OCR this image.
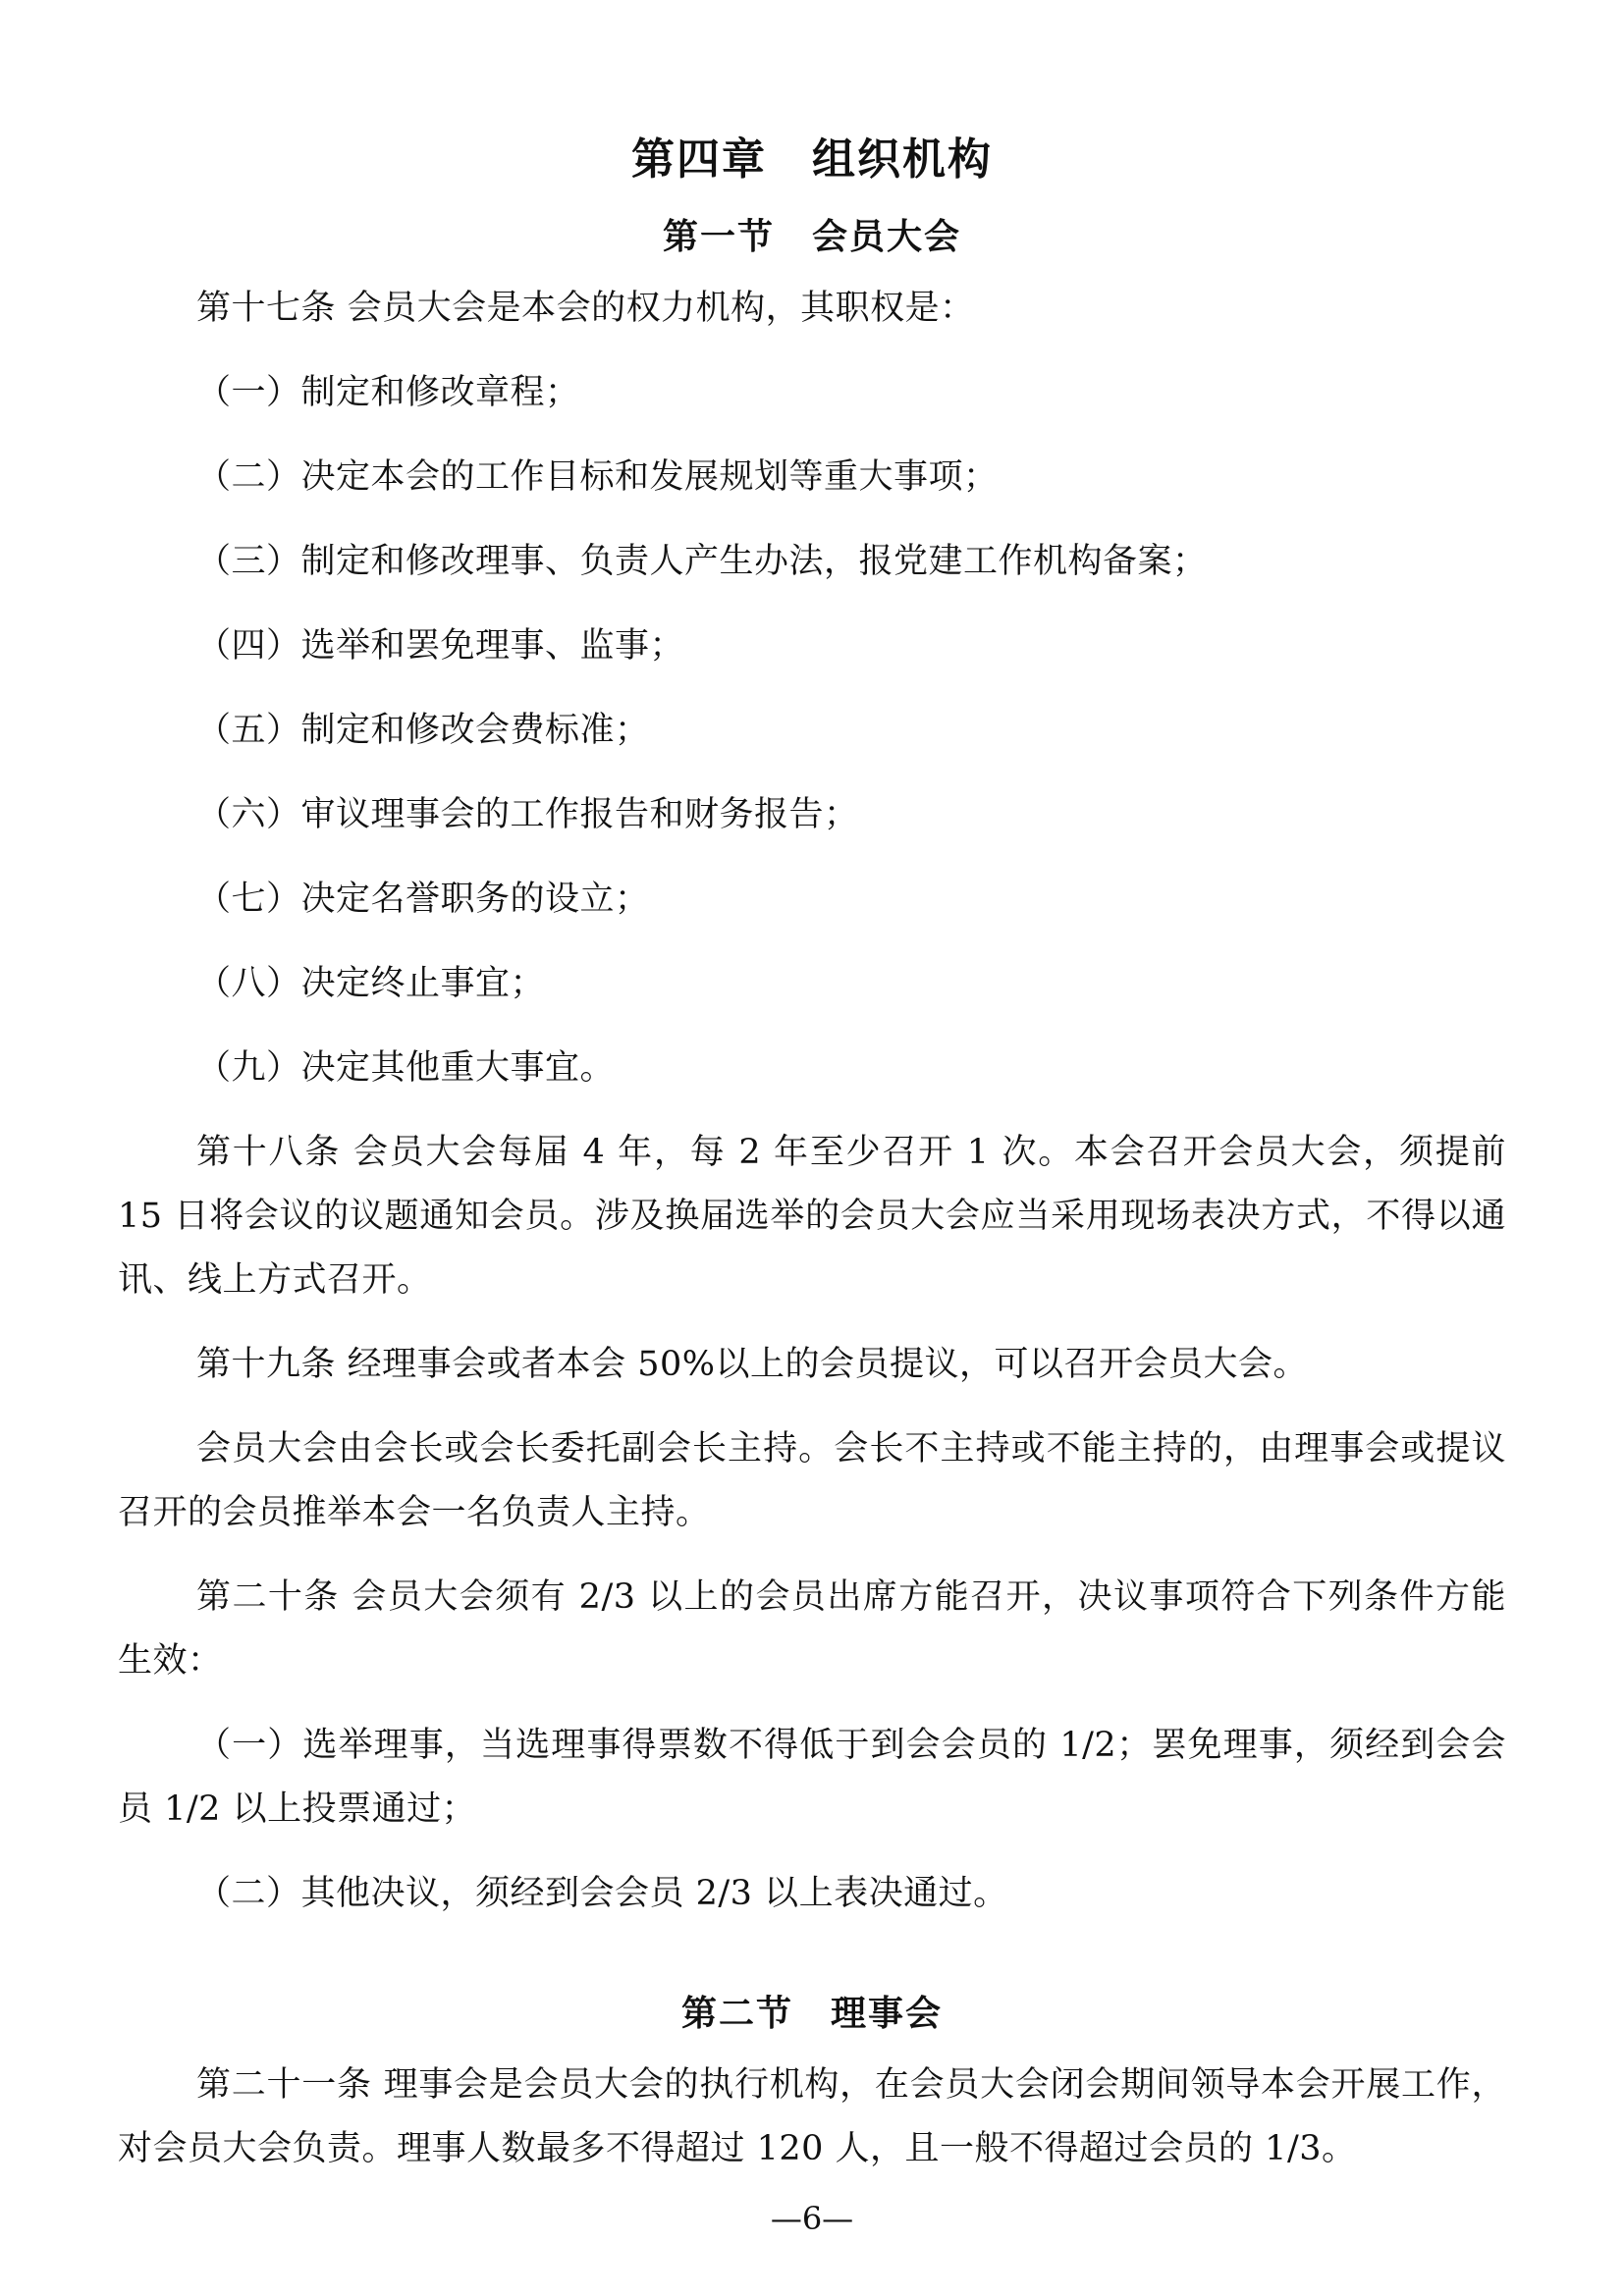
第四章　组织机构
第一节　会员大会

第十七条 会员大会是本会的权力机构，其职权是：

（一）制定和修改章程；

（二）决定本会的工作目标和发展规划等重大事项；

（三）制定和修改理事、负责人产生办法，报党建工作机构备案；

（四）选举和罢免理事、监事；

（五）制定和修改会费标准；

（六）审议理事会的工作报告和财务报告；

（七）决定名誉职务的设立；

（八）决定终止事宜；

（九）决定其他重大事宜。

第十八条 会员大会每届 4 年，每 2 年至少召开 1 次。本会召开会员大会，须提前 15 日将会议的议题通知会员。涉及换届选举的会员大会应当采用现场表决方式，不得以通讯、线上方式召开。

第十九条 经理事会或者本会 50%以上的会员提议，可以召开会员大会。

会员大会由会长或会长委托副会长主持。会长不主持或不能主持的，由理事会或提议召开的会员推举本会一名负责人主持。

第二十条 会员大会须有 2/3 以上的会员出席方能召开，决议事项符合下列条件方能生效：

（一）选举理事，当选理事得票数不得低于到会会员的 1/2；罢免理事，须经到会会员 1/2 以上投票通过；

（二）其他决议，须经到会会员 2/3 以上表决通过。

第二节　理事会

第二十一条 理事会是会员大会的执行机构，在会员大会闭会期间领导本会开展工作，对会员大会负责。理事人数最多不得超过 120 人，且一般不得超过会员的 1/3。

—6—
